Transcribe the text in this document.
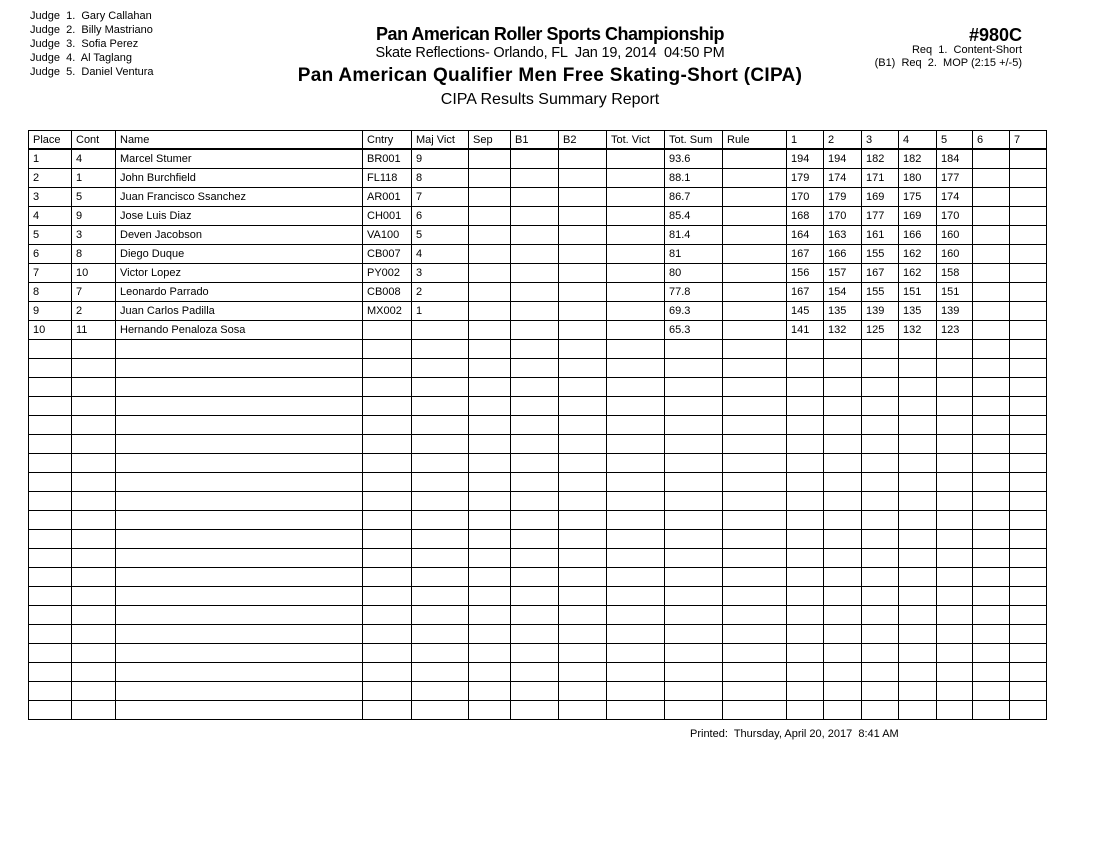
Judge  1.  Gary Callahan
Judge  2.  Billy Mastriano
Judge  3.  Sofia Perez
Judge  4.  Al Taglang
Judge  5.  Daniel Ventura
Pan American Roller Sports Championship
Skate Reflections- Orlando, FL  Jan 19, 2014  04:50 PM
Pan American Qualifier Men Free Skating-Short (CIPA)
CIPA Results Summary Report
#980C
Req  1.  Content-Short
(B1)  Req  2.  MOP (2:15 +/-5)
Place	Cont	Name	Cntry	Maj Vict	Sep	B1	B2	Tot. Vict	Tot. Sum	Rule	1	2	3	4	5	6	7
1	4	Marcel Stumer	BR001	9					93.6		194	194	182	182	184		
2	1	John Burchfield	FL118	8					88.1		179	174	171	180	177		
3	5	Juan Francisco Ssanchez	AR001	7					86.7		170	179	169	175	174		
4	9	Jose Luis Diaz	CH001	6					85.4		168	170	177	169	170		
5	3	Deven Jacobson	VA100	5					81.4		164	163	161	166	160		
6	8	Diego Duque	CB007	4					81		167	166	155	162	160		
7	10	Victor Lopez	PY002	3					80		156	157	167	162	158		
8	7	Leonardo Parrado	CB008	2					77.8		167	154	155	151	151		
9	2	Juan Carlos Padilla	MX002	1					69.3		145	135	139	135	139		
10	11	Hernando Penaloza Sosa							65.3		141	132	125	132	123		

Printed:  Thursday, April 20, 2017  8:41 AM
